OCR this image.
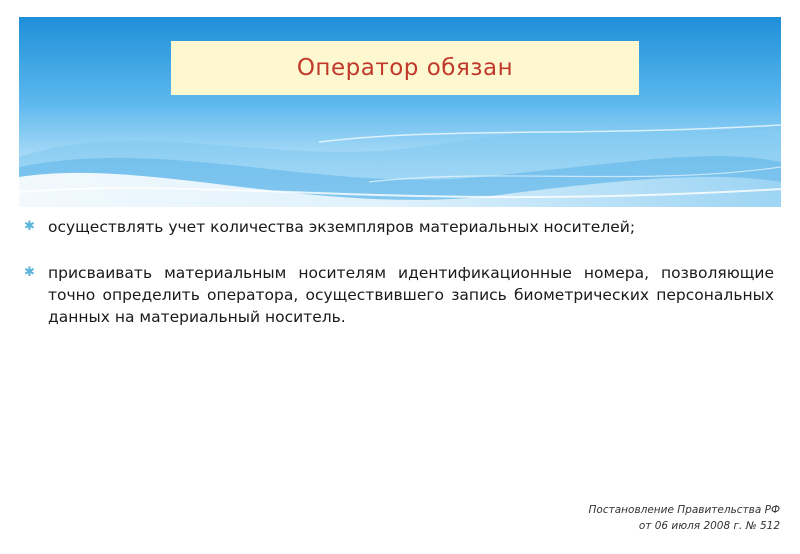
Оператор обязан
✱ осуществлять учет количества экземпляров материальных носителей;
✱ присваивать материальным носителям идентификационные номера, позволяющие точно определить оператора, осуществившего запись биометрических персональных данных на материальный носитель.
Постановление Правительства РФ
от 06 июля 2008 г. № 512
